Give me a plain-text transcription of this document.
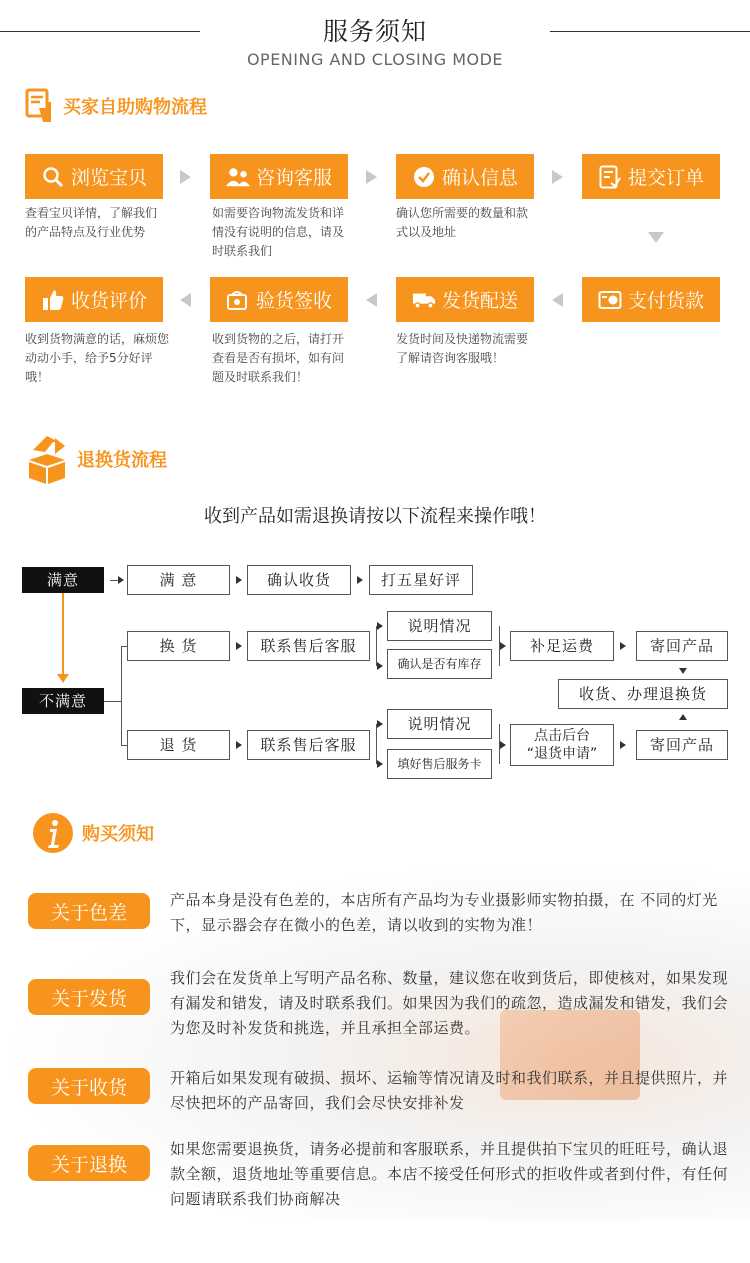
服务须知
OPENING AND CLOSING MODE
买家自助购物流程
浏览宝贝	咨询客服	确认信息	提交订单
查看宝贝详情，了解我们的产品特点及行业优势
如需要咨询物流发货和详情没有说明的信息，请及时联系我们
确认您所需要的数量和款式以及地址
收货评价	验货签收	发货配送	支付货款
收到货物满意的话，麻烦您动动小手，给予5分好评哦！
收到货物的之后，请打开查看是否有损坏，如有问题及时联系我们！
发货时间及快递物流需要了解请咨询客服哦！
退换货流程
收到产品如需退换请按以下流程来操作哦！
满意	满 意	确认收货	打五星好评
不满意
换 货	联系售后客服
说明情况
确认是否有库存
补足运费	寄回产品
收货、办理退换货
退 货	联系售后客服
说明情况
填好售后服务卡
点击后台
“退货申请”	寄回产品
购买须知
关于色差
产品本身是没有色差的，本店所有产品均为专业摄影师实物拍摄，在 不同的灯光下，显示器会存在微小的色差，请以收到的实物为准！
关于发货
我们会在发货单上写明产品名称、数量，建议您在收到货后，即使核对，如果发现有漏发和错发，请及时联系我们。如果因为我们的疏忽，造成漏发和错发，我们会为您及时补发货和挑选，并且承担全部运费。
关于收货	开箱后如果发现有破损、损坏、运输等情况请及时和我们联系，并且提供照片，并尽快把坏的产品寄回，我们会尽快安排补发
关于退换
如果您需要退换货，请务必提前和客服联系，并且提供拍下宝贝的旺旺号，确认退款全额，退货地址等重要信息。本店不接受任何形式的拒收件或者到付件，有任何问题请联系我们协商解决
